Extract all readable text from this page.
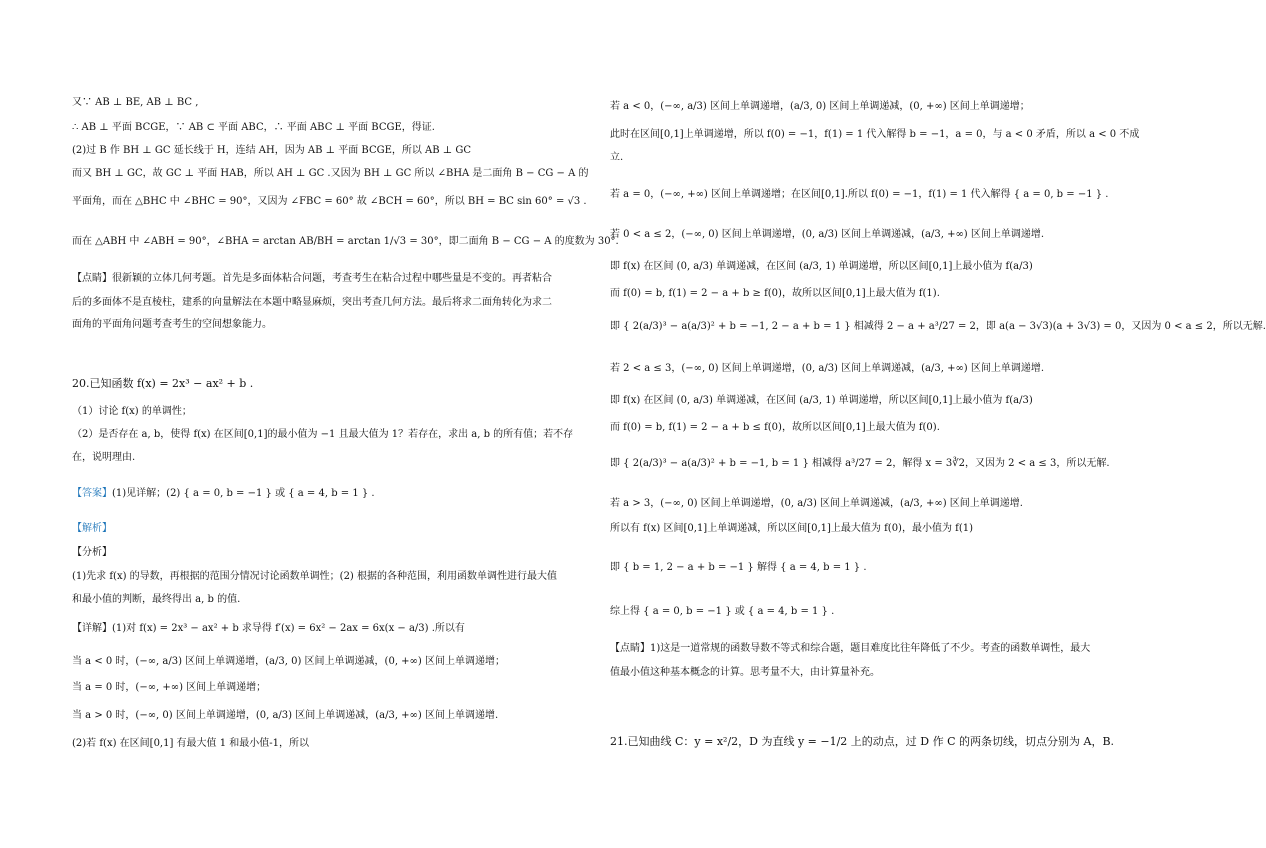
又∵ AB ⊥ BE, AB ⊥ BC ,
∴ AB ⊥ 平面 BCGE，∵ AB ⊂ 平面 ABC，∴ 平面 ABC ⊥ 平面 BCGE，得证.
(2)过 B 作 BH ⊥ GC 延长线于 H，连结 AH，因为 AB ⊥ 平面 BCGE，所以 AB ⊥ GC
而又 BH ⊥ GC，故 GC ⊥ 平面 HAB，所以 AH ⊥ GC .又因为 BH ⊥ GC 所以 ∠BHA 是二面角 B − CG − A 的
平面角，而在 △BHC 中 ∠BHC = 90°，又因为 ∠FBC = 60° 故 ∠BCH = 60°，所以 BH = BC sin 60° = √3 .
而在 △ABH 中 ∠ABH = 90°，∠BHA = arctan AB/BH = arctan 1/√3 = 30°，即二面角 B − CG − A 的度数为 30°.
【点睛】很新颖的立体几何考题。首先是多面体粘合问题，考查考生在粘合过程中哪些量是不变的。再者粘合
后的多面体不是直棱柱，建系的向量解法在本题中略显麻烦，突出考查几何方法。最后将求二面角转化为求二
面角的平面角问题考查考生的空间想象能力。
20.已知函数 f(x) = 2x³ − ax² + b .
（1）讨论 f(x) 的单调性；
（2）是否存在 a, b，使得 f(x) 在区间[0,1]的最小值为 −1 且最大值为 1？若存在，求出 a, b 的所有值；若不存
在，说明理由.
【答案】(1)见详解；(2) { a = 0, b = −1 } 或 { a = 4, b = 1 } .
【解析】
【分析】
(1)先求 f(x) 的导数，再根据的范围分情况讨论函数单调性；(2) 根据的各种范围，利用函数单调性进行最大值
和最小值的判断，最终得出 a, b 的值.
【详解】(1)对 f(x) = 2x³ − ax² + b 求导得 f′(x) = 6x² − 2ax = 6x(x − a/3) .所以有
当 a < 0 时，(−∞, a/3) 区间上单调递增，(a/3, 0) 区间上单调递减，(0, +∞) 区间上单调递增；
当 a = 0 时，(−∞, +∞) 区间上单调递增；
当 a > 0 时，(−∞, 0) 区间上单调递增，(0, a/3) 区间上单调递减，(a/3, +∞) 区间上单调递增.
(2)若 f(x) 在区间[0,1] 有最大值 1 和最小值-1，所以
若 a < 0，(−∞, a/3) 区间上单调递增，(a/3, 0) 区间上单调递减，(0, +∞) 区间上单调递增；
此时在区间[0,1]上单调递增，所以 f(0) = −1，f(1) = 1 代入解得 b = −1，a = 0，与 a < 0 矛盾，所以 a < 0 不成
立.
若 a = 0，(−∞, +∞) 区间上单调递增；在区间[0,1].所以 f(0) = −1，f(1) = 1 代入解得 { a = 0, b = −1 } .
若 0 < a ≤ 2，(−∞, 0) 区间上单调递增，(0, a/3) 区间上单调递减，(a/3, +∞) 区间上单调递增.
即 f(x) 在区间 (0, a/3) 单调递减，在区间 (a/3, 1) 单调递增，所以区间[0,1]上最小值为 f(a/3)
而 f(0) = b, f(1) = 2 − a + b ≥ f(0)，故所以区间[0,1]上最大值为 f(1).
即 { 2(a/3)³ − a(a/3)² + b = −1, 2 − a + b = 1 } 相减得 2 − a + a³/27 = 2，即 a(a − 3√3)(a + 3√3) = 0，又因为 0 < a ≤ 2，所以无解.
若 2 < a ≤ 3，(−∞, 0) 区间上单调递增，(0, a/3) 区间上单调递减，(a/3, +∞) 区间上单调递增.
即 f(x) 在区间 (0, a/3) 单调递减，在区间 (a/3, 1) 单调递增，所以区间[0,1]上最小值为 f(a/3)
而 f(0) = b, f(1) = 2 − a + b ≤ f(0)，故所以区间[0,1]上最大值为 f(0).
即 { 2(a/3)³ − a(a/3)² + b = −1, b = 1 } 相减得 a³/27 = 2，解得 x = 3∛2，又因为 2 < a ≤ 3，所以无解.
若 a > 3，(−∞, 0) 区间上单调递增，(0, a/3) 区间上单调递减，(a/3, +∞) 区间上单调递增.
所以有 f(x) 区间[0,1]上单调递减，所以区间[0,1]上最大值为 f(0)，最小值为 f(1)
即 { b = 1, 2 − a + b = −1 } 解得 { a = 4, b = 1 } .
综上得 { a = 0, b = −1 } 或 { a = 4, b = 1 } .
【点睛】1)这是一道常规的函数导数不等式和综合题，题目难度比往年降低了不少。考查的函数单调性，最大
值最小值这种基本概念的计算。思考量不大，由计算量补充。
21.已知曲线 C：y = x²/2，D 为直线 y = −1/2 上的动点，过 D 作 C 的两条切线，切点分别为 A，B.
